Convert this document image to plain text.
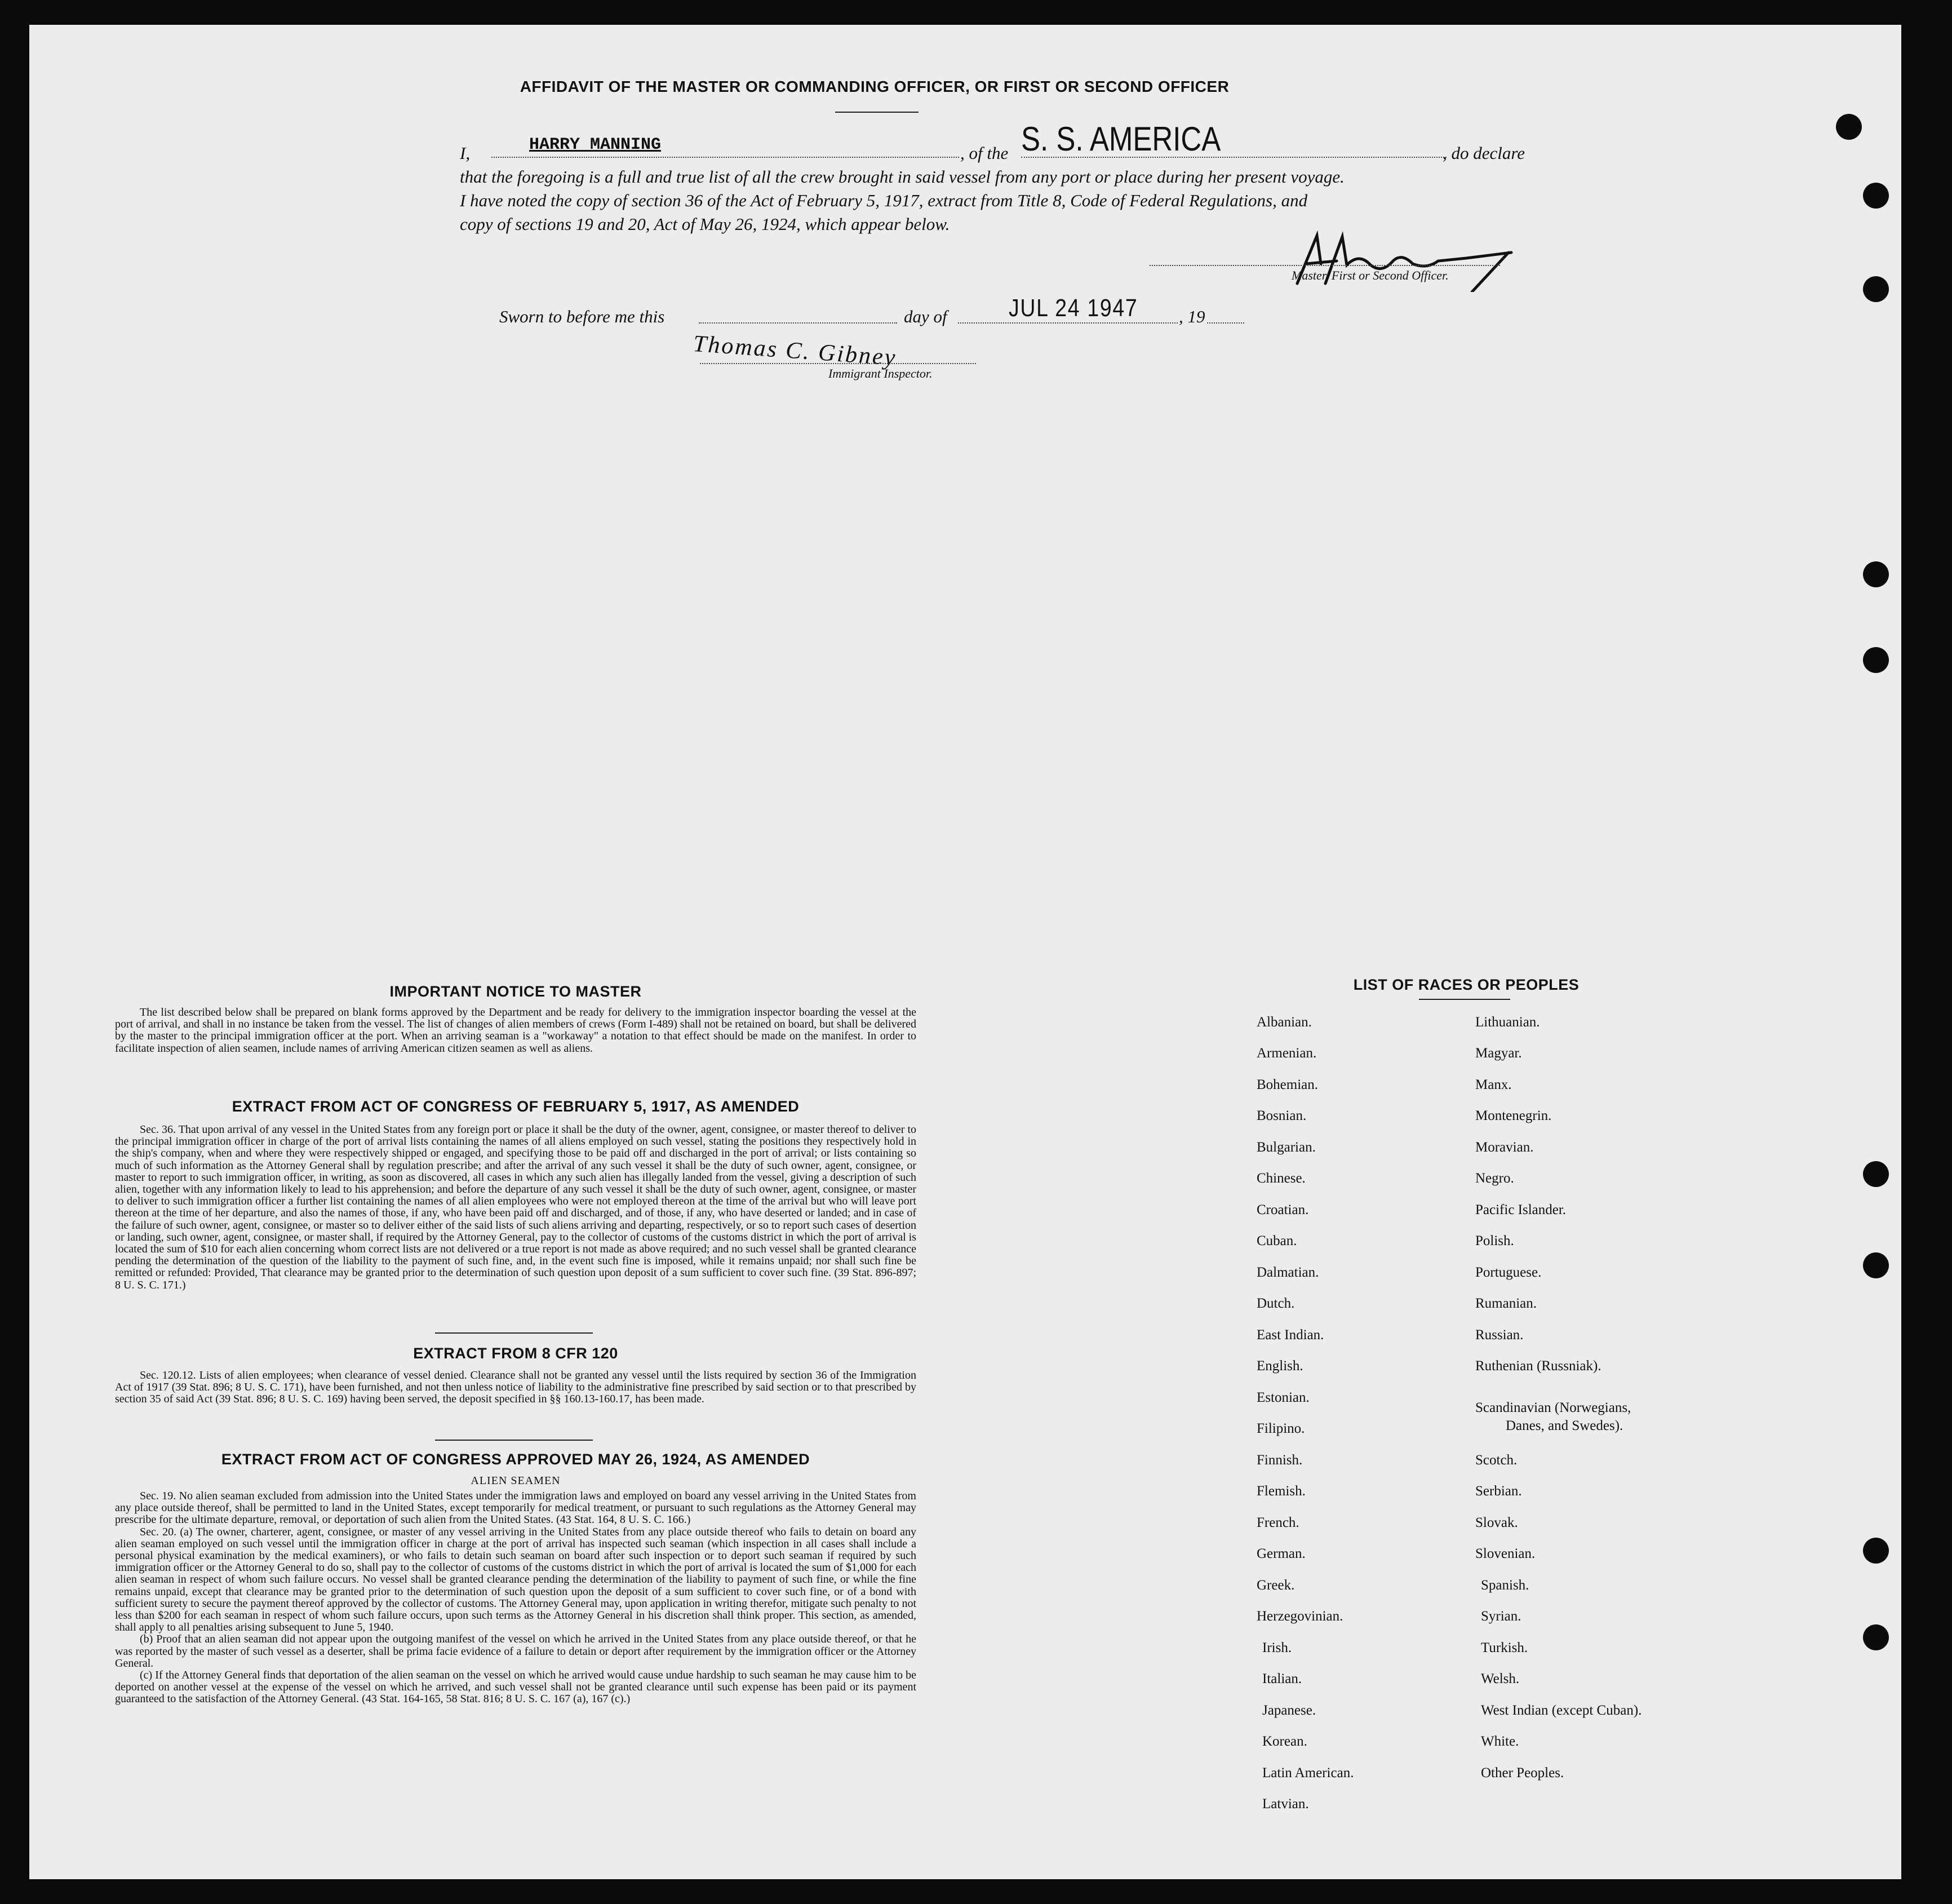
AFFIDAVIT OF THE MASTER OR COMMANDING OFFICER, OR FIRST OR SECOND OFFICER
I,	HARRY MANNING	, of the S. S. AMERICA	, do declare
that the foregoing is a full and true list of all the crew brought in said vessel from any port or place during her present voyage.
I have noted the copy of section 36 of the Act of February 5, 1917, extract from Title 8, Code of Federal Regulations, and
copy of sections 19 and 20, Act of May 26, 1924, which appear below.
Master, First or Second Officer.
Sworn to before me this	day of JUL 24 1947 , 19
Thomas C. Gibney
Immigrant Inspector.
IMPORTANT NOTICE TO MASTER

The list described below shall be prepared on blank forms approved by the Department and be ready for delivery to the immigration inspector boarding the vessel at the port of arrival, and shall in no instance be taken from the vessel. The list of changes of alien members of crews (Form I-489) shall not be retained on board, but shall be delivered by the master to the principal immigration officer at the port. When an arriving seaman is a "workaway" a notation to that effect should be made on the manifest. In order to facilitate inspection of alien seamen, include names of arriving American citizen seamen as well as aliens.

EXTRACT FROM ACT OF CONGRESS OF FEBRUARY 5, 1917, AS AMENDED

Sec. 36. That upon arrival of any vessel in the United States from any foreign port or place it shall be the duty of the owner, agent, consignee, or master thereof to deliver to the principal immigration officer in charge of the port of arrival lists containing the names of all aliens employed on such vessel, stating the positions they respectively hold in the ship's company, when and where they were respectively shipped or engaged, and specifying those to be paid off and discharged in the port of arrival; or lists containing so much of such information as the Attorney General shall by regulation prescribe; and after the arrival of any such vessel it shall be the duty of such owner, agent, consignee, or master to report to such immigration officer, in writing, as soon as discovered, all cases in which any such alien has illegally landed from the vessel, giving a description of such alien, together with any information likely to lead to his apprehension; and before the departure of any such vessel it shall be the duty of such owner, agent, consignee, or master to deliver to such immigration officer a further list containing the names of all alien employees who were not employed thereon at the time of the arrival but who will leave port thereon at the time of her departure, and also the names of those, if any, who have been paid off and discharged, and of those, if any, who have deserted or landed; and in case of the failure of such owner, agent, consignee, or master so to deliver either of the said lists of such aliens arriving and departing, respectively, or so to report such cases of desertion or landing, such owner, agent, consignee, or master shall, if required by the Attorney General, pay to the collector of customs of the customs district in which the port of arrival is located the sum of $10 for each alien concerning whom correct lists are not delivered or a true report is not made as above required; and no such vessel shall be granted clearance pending the determination of the question of the liability to the payment of such fine, and, in the event such fine is imposed, while it remains unpaid; nor shall such fine be remitted or refunded: Provided, That clearance may be granted prior to the determination of such question upon deposit of a sum sufficient to cover such fine. (39 Stat. 896-897; 8 U. S. C. 171.)

EXTRACT FROM 8 CFR 120

Sec. 120.12. Lists of alien employees; when clearance of vessel denied. Clearance shall not be granted any vessel until the lists required by section 36 of the Immigration Act of 1917 (39 Stat. 896; 8 U. S. C. 171), have been furnished, and not then unless notice of liability to the administrative fine prescribed by said section or to that prescribed by section 35 of said Act (39 Stat. 896; 8 U. S. C. 169) having been served, the deposit specified in §§ 160.13-160.17, has been made.

EXTRACT FROM ACT OF CONGRESS APPROVED MAY 26, 1924, AS AMENDED
ALIEN SEAMEN

Sec. 19. No alien seaman excluded from admission into the United States under the immigration laws and employed on board any vessel arriving in the United States from any place outside thereof, shall be permitted to land in the United States, except temporarily for medical treatment, or pursuant to such regulations as the Attorney General may prescribe for the ultimate departure, removal, or deportation of such alien from the United States. (43 Stat. 164, 8 U. S. C. 166.)

Sec. 20. (a) The owner, charterer, agent, consignee, or master of any vessel arriving in the United States from any place outside thereof who fails to detain on board any alien seaman employed on such vessel until the immigration officer in charge at the port of arrival has inspected such seaman (which inspection in all cases shall include a personal physical examination by the medical examiners), or who fails to detain such seaman on board after such inspection or to deport such seaman if required by such immigration officer or the Attorney General to do so, shall pay to the collector of customs of the customs district in which the port of arrival is located the sum of $1,000 for each alien seaman in respect of whom such failure occurs. No vessel shall be granted clearance pending the determination of the liability to payment of such fine, or while the fine remains unpaid, except that clearance may be granted prior to the determination of such question upon the deposit of a sum sufficient to cover such fine, or of a bond with sufficient surety to secure the payment thereof approved by the collector of customs. The Attorney General may, upon application in writing therefor, mitigate such penalty to not less than $200 for each seaman in respect of whom such failure occurs, upon such terms as the Attorney General in his discretion shall think proper. This section, as amended, shall apply to all penalties arising subsequent to June 5, 1940.

(b) Proof that an alien seaman did not appear upon the outgoing manifest of the vessel on which he arrived in the United States from any place outside thereof, or that he was reported by the master of such vessel as a deserter, shall be prima facie evidence of a failure to detain or deport after requirement by the immigration officer or the Attorney General.

(c) If the Attorney General finds that deportation of the alien seaman on the vessel on which he arrived would cause undue hardship to such seaman he may cause him to be deported on another vessel at the expense of the vessel on which he arrived, and such vessel shall not be granted clearance until such expense has been paid or its payment guaranteed to the satisfaction of the Attorney General. (43 Stat. 164-165, 58 Stat. 816; 8 U. S. C. 167 (a), 167 (c).)

LIST OF RACES OR PEOPLES
Albanian.
Armenian.
Bohemian.
Bosnian.
Bulgarian.
Chinese.
Croatian.
Cuban.
Dalmatian.
Dutch.
East Indian.
English.
Estonian.
Filipino.
Finnish.
Flemish.
French.
German.
Greek.
Herzegovinian.
Irish.
Italian.
Japanese.
Korean.
Latin American.
Latvian.
Lithuanian.
Magyar.
Manx.
Montenegrin.
Moravian.
Negro.
Pacific Islander.
Polish.
Portuguese.
Rumanian.
Russian.
Ruthenian (Russniak).
Scandinavian (Norwegians,
Danes, and Swedes).
Scotch.
Serbian.
Slovak.
Slovenian.
Spanish.
Syrian.
Turkish.
Welsh.
West Indian (except Cuban).
White.
Other Peoples.
